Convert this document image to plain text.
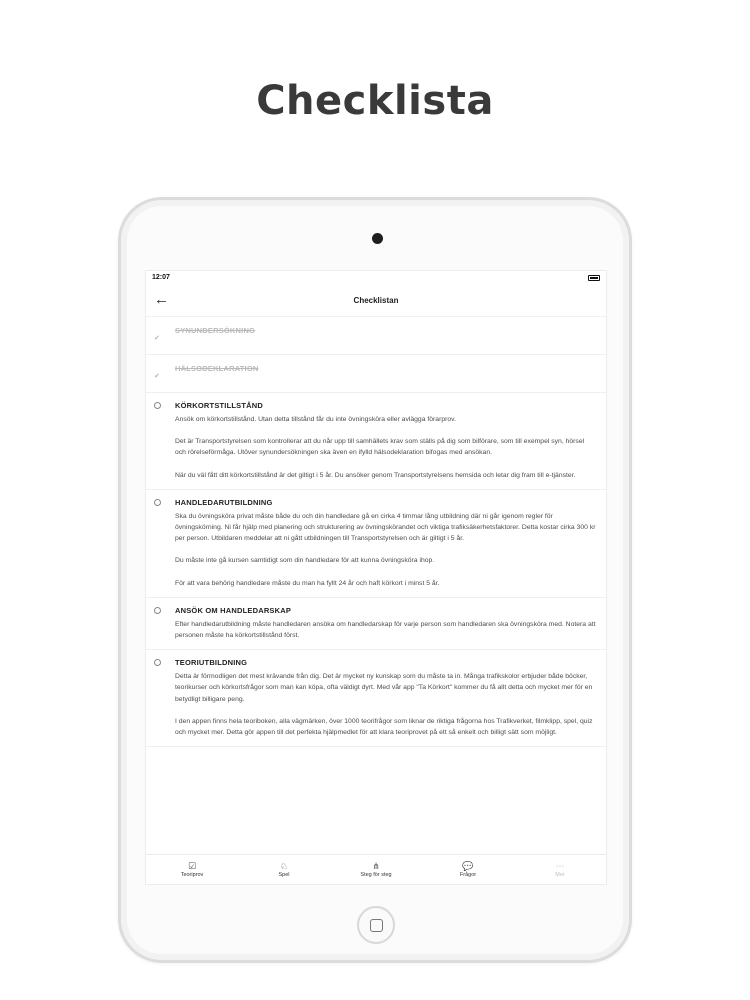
Checklista
12:07
←	Checklistan
✔
SYNUNDERSÖKNING
✔
HÄLSODEKLARATION
KÖRKORTSTILLSTÅND

Ansök om körkortstillstånd. Utan detta tillstånd får du inte övningsköra eller avlägga förarprov.

Det är Transportstyrelsen som kontrollerar att du når upp till samhällets krav som ställs på dig som bilförare, som till exempel syn, hörsel och rörelseförmåga. Utöver synundersökningen ska även en ifylld hälsodeklaration bifogas med ansökan.

När du väl fått ditt körkortstillstånd är det giltigt i 5 år. Du ansöker genom Transportstyrelsens hemsida och letar dig fram till e-tjänster.

HANDLEDARUTBILDNING

Ska du övningsköra privat måste både du och din handledare gå en cirka 4 timmar lång utbildning där ni går igenom regler för övningskörning. Ni får hjälp med planering och strukturering av övningskörandet och viktiga trafiksäkerhetsfaktorer. Detta kostar cirka 300 kr per person. Utbildaren meddelar att ni gått utbildningen till Transportstyrelsen och är giltigt i 5 år.

Du måste inte gå kursen samtidigt som din handledare för att kunna övningsköra ihop.

För att vara behörig handledare måste du man ha fyllt 24 år och haft körkort i minst 5 år.

ANSÖK OM HANDLEDARSKAP

Efter handledarutbildning måste handledaren ansöka om handledarskap för varje person som handledaren ska övningsköra med. Notera att personen måste ha körkortstillstånd först.

TEORIUTBILDNING

Detta är förmodligen det mest krävande från dig. Det är mycket ny kunskap som du måste ta in. Många trafikskolor erbjuder både böcker, teorikurser och körkortsfrågor som man kan köpa, ofta väldigt dyrt. Med vår app "Ta Körkort" kommer du få allt detta och mycket mer för en betydligt billigare peng.

I den appen finns hela teoriboken, alla vägmärken, över 1000 teorifrågor som liknar de riktiga frågorna hos Trafikverket, filmklipp, spel, quiz och mycket mer. Detta gör appen till det perfekta hjälpmedlet för att klara teoriprovet på ett så enkelt och billigt sätt som möjligt.

☑
Teoriprov
♘
Spel
⋔
Steg för steg
💬
Frågor
⋯
Mer
